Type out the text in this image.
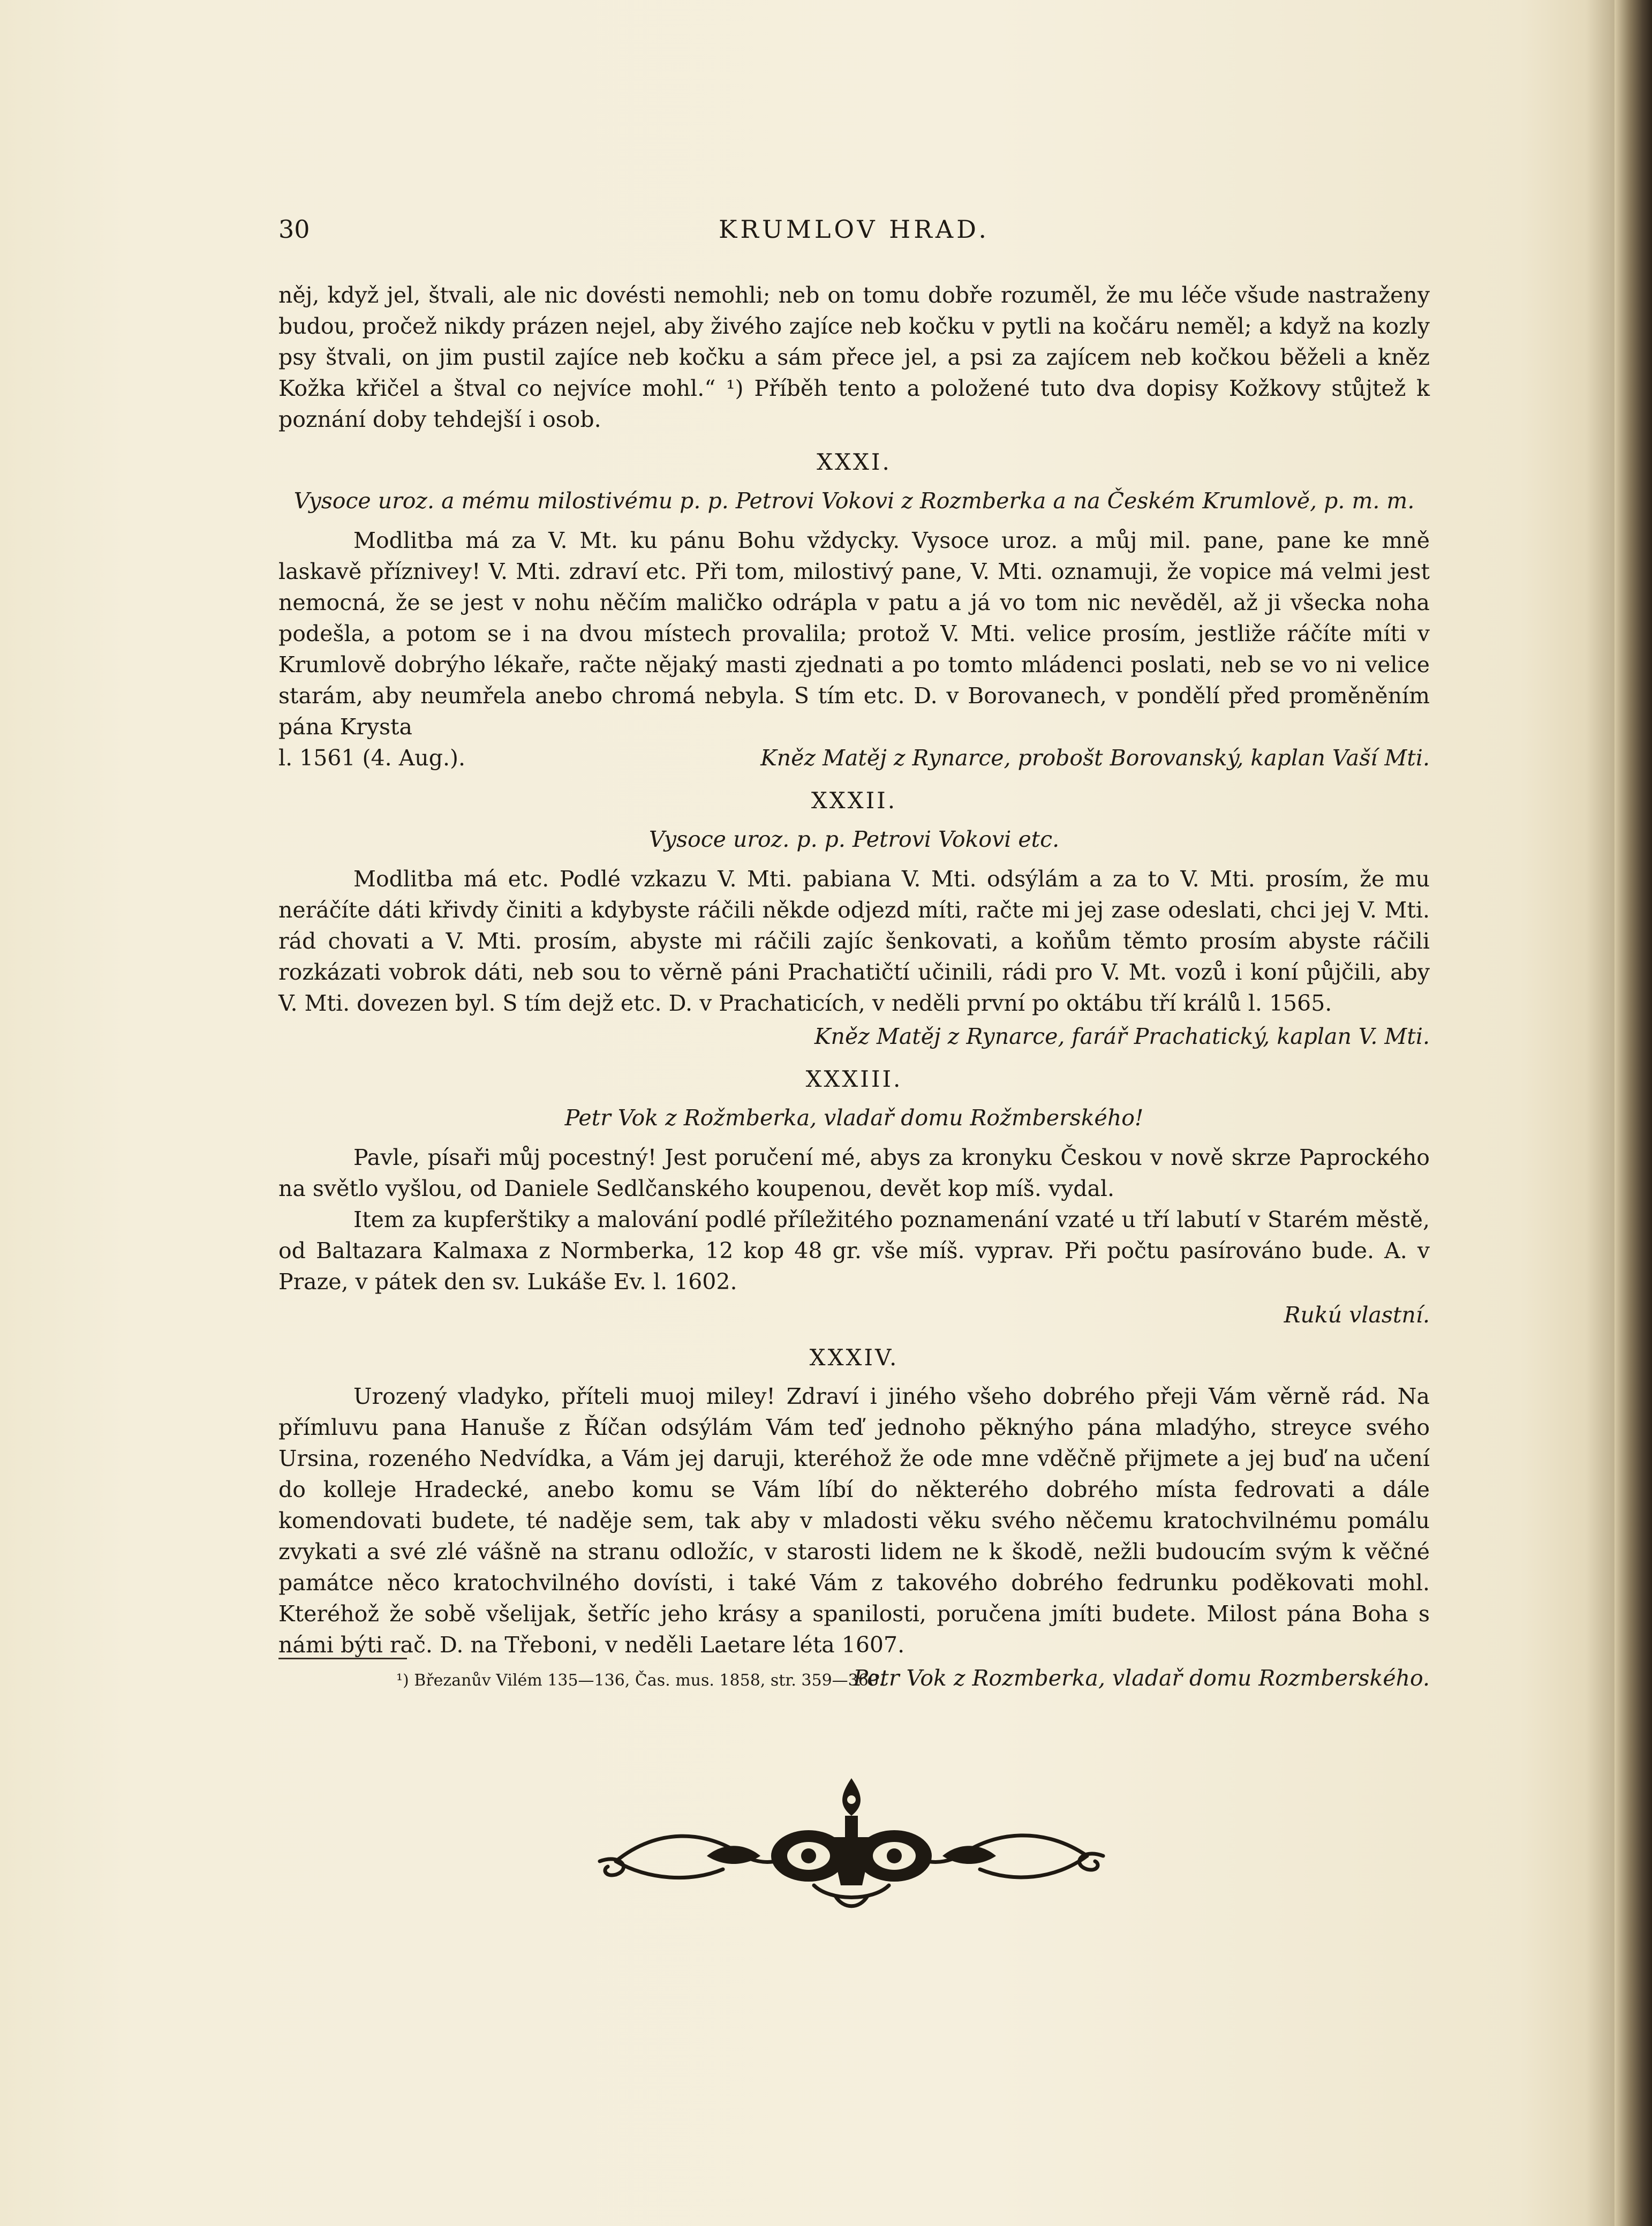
30	KRUMLOV HRAD.

něj, když jel, štvali, ale nic dovésti nemohli; neb on tomu dobře rozuměl, že mu léče všude nastraženy budou, pročež nikdy prázen nejel, aby živého zajíce neb kočku v pytli na kočáru neměl; a když na kozly psy štvali, on jim pustil zajíce neb kočku a sám přece jel, a psi za zajícem neb kočkou běželi a kněz Kožka křičel a štval co nejvíce mohl.“ ¹) Příběh tento a položené tuto dva dopisy Kožkovy stůjtež k poznání doby tehdejší i osob.

XXXI.
Vysoce uroz. a mému milostivému p. p. Petrovi Vokovi z Rozmberka a na Českém Krumlově, p. m. m.

Modlitba má za V. Mt. ku pánu Bohu vždycky. Vysoce uroz. a můj mil. pane, pane ke mně laskavě příznivey! V. Mti. zdraví etc. Při tom, milostivý pane, V. Mti. oznamuji, že vopice má velmi jest nemocná, že se jest v nohu něčím maličko odrápla v patu a já vo tom nic nevěděl, až ji všecka noha podešla, a potom se i na dvou místech provalila; protož V. Mti. velice prosím, jestliže ráčíte míti v Krumlově dobrýho lékaře, račte nějaký masti zjednati a po tomto mládenci poslati, neb se vo ni velice starám, aby neumřela anebo chromá nebyla. S tím etc. D. v Borovanech, v pondělí před proměněním pána Krysta

l. 1561 (4. Aug.).	Kněz Matěj z Rynarce, probošt Borovanský, kaplan Vaší Mti.
XXXII.
Vysoce uroz. p. p. Petrovi Vokovi etc.

Modlitba má etc. Podlé vzkazu V. Mti. pabiana V. Mti. odsýlám a za to V. Mti. prosím, že mu neráčíte dáti křivdy činiti a kdybyste ráčili někde odjezd míti, račte mi jej zase odeslati, chci jej V. Mti. rád chovati a V. Mti. prosím, abyste mi ráčili zajíc šenkovati, a koňům těmto prosím abyste ráčili rozkázati vobrok dáti, neb sou to věrně páni Prachatičtí učinili, rádi pro V. Mt. vozů i koní půjčili, aby V. Mti. dovezen byl. S tím dejž etc. D. v Prachaticích, v neděli první po oktábu tří králů l. 1565.

Kněz Matěj z Rynarce, farář Prachatický, kaplan V. Mti.
XXXIII.
Petr Vok z Rožmberka, vladař domu Rožmberského!

Pavle, písaři můj pocestný! Jest poručení mé, abys za kronyku Českou v nově skrze Paprockého na světlo vyšlou, od Daniele Sedlčanského koupenou, devět kop míš. vydal.

Item za kupferštiky a malování podlé příležitého poznamenání vzaté u tří labutí v Starém městě, od Baltazara Kalmaxa z Normberka, 12 kop 48 gr. vše míš. vyprav. Při počtu pasírováno bude. A. v Praze, v pátek den sv. Lukáše Ev. l. 1602.

Rukú vlastní.
XXXIV.

Urozený vladyko, příteli muoj miley! Zdraví i jiného všeho dobrého přeji Vám věrně rád. Na přímluvu pana Hanuše z Říčan odsýlám Vám teď jednoho pěknýho pána mladýho, streyce svého Ursina, rozeného Nedvídka, a Vám jej daruji, kteréhož že ode mne vděčně přijmete a jej buď na učení do kolleje Hradecké, anebo komu se Vám líbí do některého dobrého místa fedrovati a dále komendovati budete, té naděje sem, tak aby v mladosti věku svého něčemu kratochvilnému pomálu zvykati a své zlé vášně na stranu odložíc, v starosti lidem ne k škodě, nežli budoucím svým k věčné památce něco kratochvilného dovísti, i také Vám z takového dobrého fedrunku poděkovati mohl. Kteréhož že sobě všelijak, šetříc jeho krásy a spanilosti, poručena jmíti budete. Milost pána Boha s námi býti rač. D. na Třeboni, v neděli Laetare léta 1607.

Petr Vok z Rozmberka, vladař domu Rozmberského.
¹) Březanův Vilém 135—136, Čas. mus. 1858, str. 359—360.
